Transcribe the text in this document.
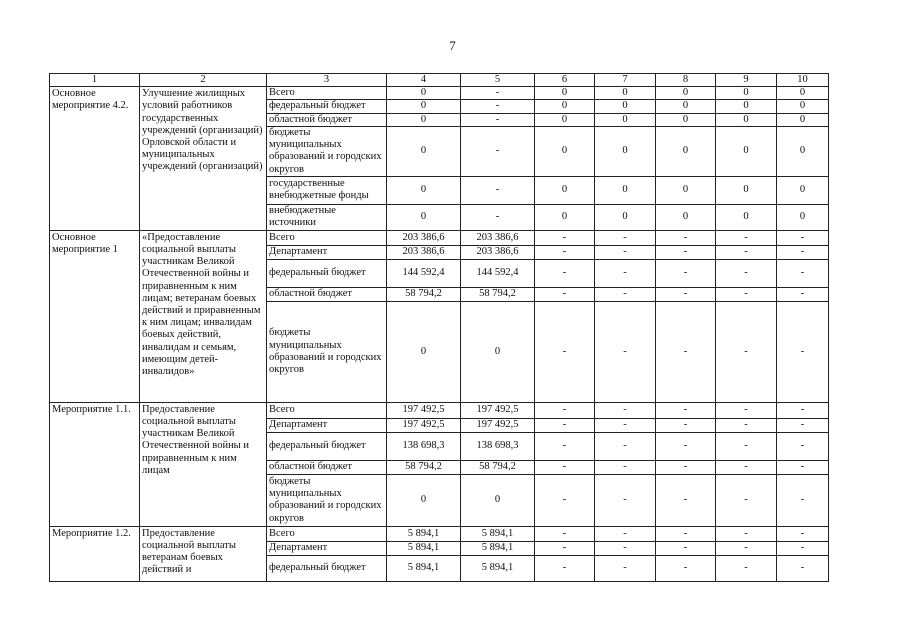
7
1	2	3	4	5	6	7	8	9	10
Основное мероприятие 4.2.	Улучшение жилищных условий работников государственных учреждений (организаций) Орловской области и муниципальных учреждений (организаций)	Всего	0	-	0	0	0	0	0
		федеральный бюджет	0	-	0	0	0	0	0
		областной бюджет	0	-	0	0	0	0	0
		бюджеты муниципальных образований и городских округов	0	-	0	0	0	0	0
		государственные внебюджетные фонды	0	-	0	0	0	0	0
		внебюджетные источники	0	-	0	0	0	0	0
Основное мероприятие 1	«Предоставление социальной выплаты участникам Великой Отечественной войны и приравненным к ним лицам; ветеранам боевых действий и приравненным к ним лицам; инвалидам боевых действий, инвалидам и семьям, имеющим детей-инвалидов»	Всего	203 386,6	203 386,6	-	-	-	-	-
		Департамент	203 386,6	203 386,6	-	-	-	-	-
		федеральный бюджет	144 592,4	144 592,4	-	-	-	-	-
		областной бюджет	58 794,2	58 794,2	-	-	-	-	-
		бюджеты муниципальных образований и городских округов	0	0	-	-	-	-	-
Мероприятие 1.1.	Предоставление социальной выплаты участникам Великой Отечественной войны и приравненным к ним лицам	Всего	197 492,5	197 492,5	-	-	-	-	-
		Департамент	197 492,5	197 492,5	-	-	-	-	-
		федеральный бюджет	138 698,3	138 698,3	-	-	-	-	-
		областной бюджет	58 794,2	58 794,2	-	-	-	-	-
		бюджеты муниципальных образований и городских округов	0	0	-	-	-	-	-
Мероприятие 1.2.	Предоставление социальной выплаты ветеранам боевых действий и	Всего	5 894,1	5 894,1	-	-	-	-	-
		Департамент	5 894,1	5 894,1	-	-	-	-	-
		федеральный бюджет	5 894,1	5 894,1	-	-	-	-	-
